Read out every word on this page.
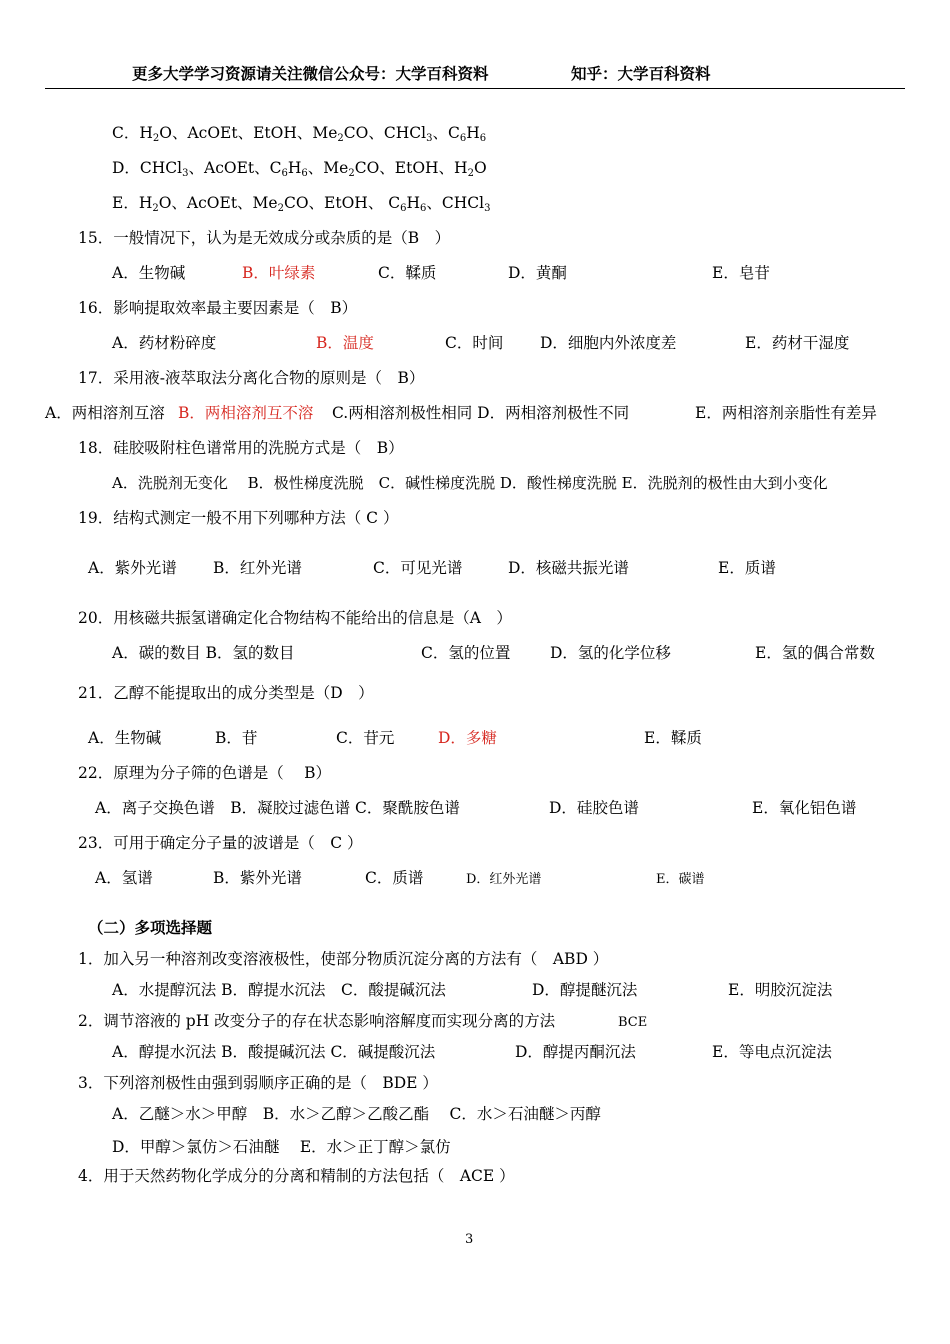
更多大学学习资源请关注微信公众号：大学百科资料	知乎：大学百科资料
C．$H_2O$、AcOEt、EtOH、$Me_2CO$、CHCl$_3$、$C_6H_6$
D．CHCl$_3$、AcOEt、$C_6H_6$、$Me_2CO$、EtOH、$H_2O$
E．$H_2O$、AcOEt、$Me_2CO$、EtOH、 $C_6H_6$、CHCl$_3$
15．一般情况下，认为是无效成分或杂质的是（B　）
A．生物碱	B．叶绿素	C．鞣质	D．黄酮	E．皂苷
16．影响提取效率最主要因素是（　B）
A．药材粉碎度	B．温度	C．时间 D．细胞内外浓度差	E．药材干湿度
17．采用液-液萃取法分离化合物的原则是（　B）
A．两相溶剂互溶 B．两相溶剂互不溶 C.两相溶剂极性相同 D．两相溶剂极性不同	E．两相溶剂亲脂性有差异
18．硅胶吸附柱色谱常用的洗脱方式是（　B）
A．洗脱剂无变化　 B．极性梯度洗脱　C．碱性梯度洗脱 D．酸性梯度洗脱 E．洗脱剂的极性由大到小变化
19．结构式测定一般不用下列哪种方法（ C ）
A．紫外光谱 B．红外光谱	C．可见光谱	D．核磁共振光谱	E．质谱
20．用核磁共振氢谱确定化合物结构不能给出的信息是（A　）
A．碳的数目 B．氢的数目	C．氢的位置	D．氢的化学位移	E．氢的偶合常数
21．乙醇不能提取出的成分类型是（D　）
A．生物碱	B．苷	C．苷元	D．多糖	E．鞣质
22．原理为分子筛的色谱是（　 B）
A．离子交换色谱　B．凝胶过滤色谱 C．聚酰胺色谱	D．硅胶色谱	E．氧化铝色谱
23．可用于确定分子量的波谱是（　C ）
A．氢谱	B．紫外光谱	C．质谱	D．红外光谱	E．碳谱
（二）多项选择题
1．加入另一种溶剂改变溶液极性，使部分物质沉淀分离的方法有（　ABD ）
A．水提醇沉法 B．醇提水沉法　C．酸提碱沉法	D．醇提醚沉法	E．明胶沉淀法
2．调节溶液的 pH 改变分子的存在状态影响溶解度而实现分离的方法	BCE
A．醇提水沉法 B．酸提碱沉法 C．碱提酸沉法	D．醇提丙酮沉法	E．等电点沉淀法
3．下列溶剂极性由强到弱顺序正确的是（　BDE ）
A．乙醚＞水＞甲醇　B．水＞乙醇＞乙酸乙酯　 C．水＞石油醚＞丙醇
D．甲醇＞氯仿＞石油醚　 E．水＞正丁醇＞氯仿
4．用于天然药物化学成分的分离和精制的方法包括（　ACE ）
3
